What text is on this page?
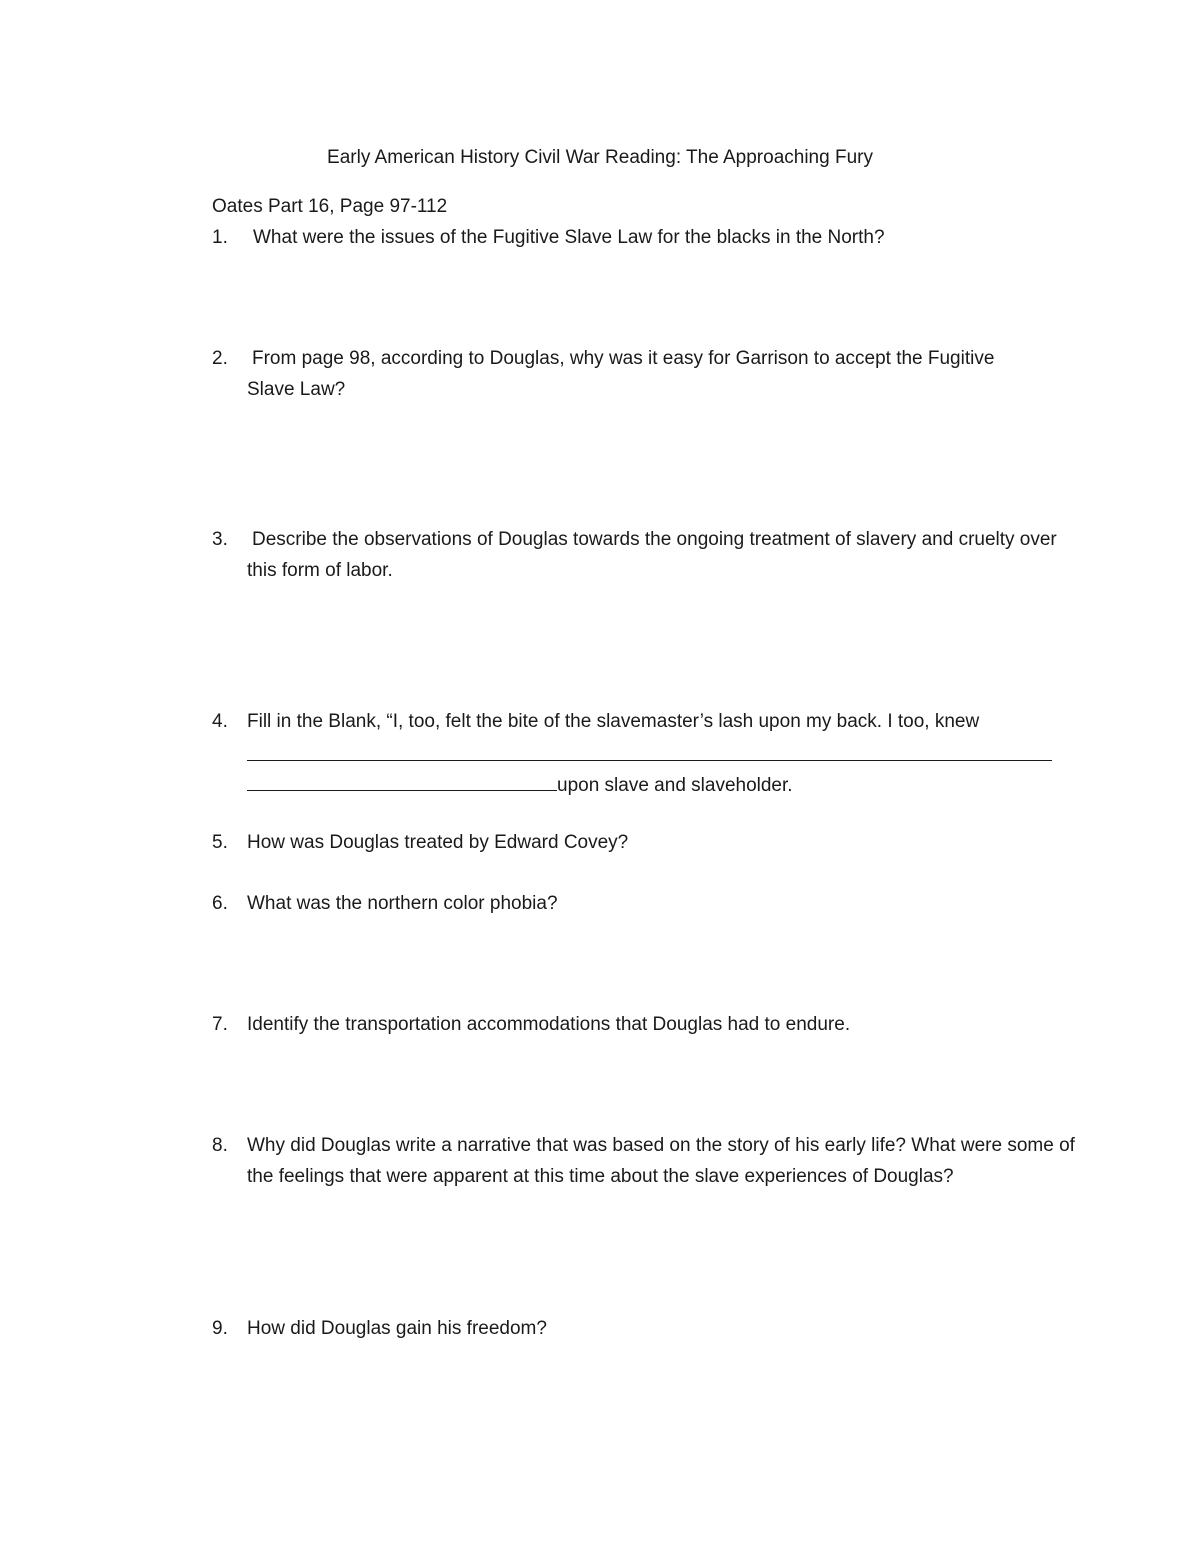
Early American History Civil War Reading: The Approaching Fury
Oates Part 16, Page 97-112
1.	What were the issues of the Fugitive Slave Law for the blacks in the North?
2.	From page 98, according to Douglas, why was it easy for Garrison to accept the Fugitive Slave Law?
3.	Describe the observations of Douglas towards the ongoing treatment of slavery and cruelty over this form of labor.
4.	Fill in the Blank, “I, too, felt the bite of the slavemaster’s lash upon my back. I too, knew
upon slave and slaveholder.
5.	How was Douglas treated by Edward Covey?
6.	What was the northern color phobia?
7.	Identify the transportation accommodations that Douglas had to endure.
8.	Why did Douglas write a narrative that was based on the story of his early life? What were some of the feelings that were apparent at this time about the slave experiences of Douglas?
9.	How did Douglas gain his freedom?
